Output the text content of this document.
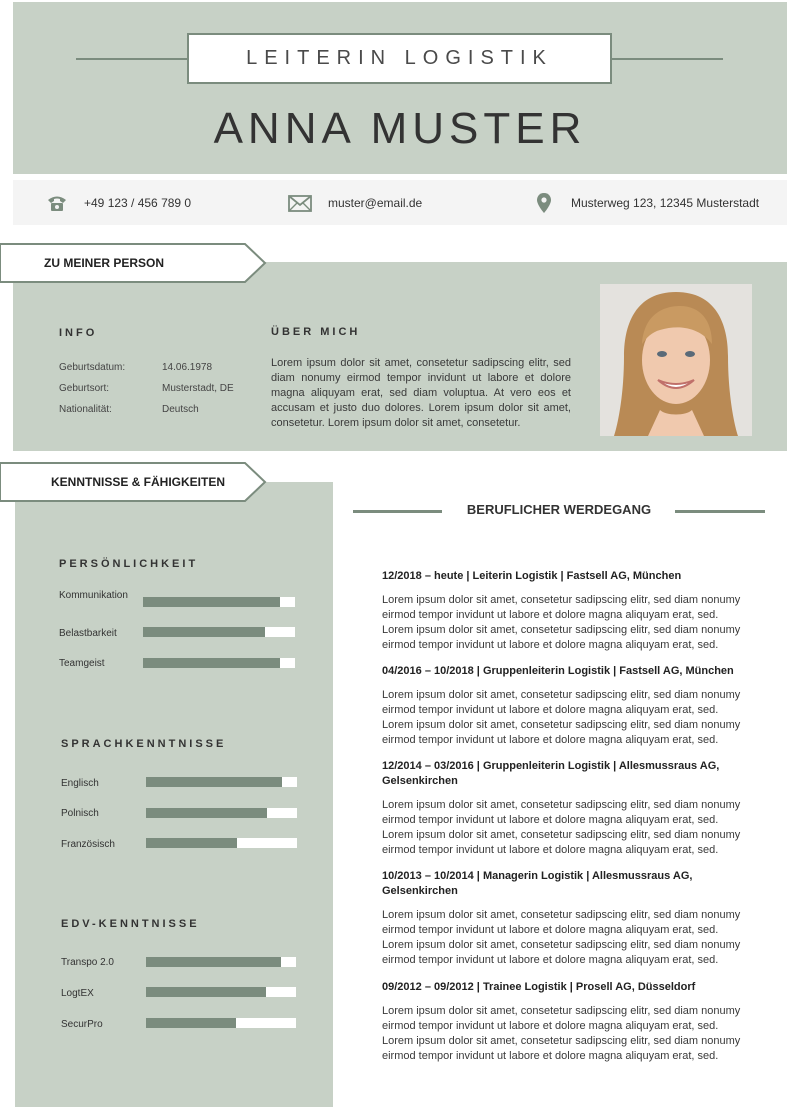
LEITERIN LOGISTIK
ANNA MUSTER
+49 123 / 456 789 0	muster@email.de	Musterweg 123, 12345 Musterstadt
INFO
Geburtsdatum:	14.06.1978
Geburtsort:	Musterstadt, DE
Nationalität:	Deutsch
ÜBER MICH
Lorem ipsum dolor sit amet, consetetur sadipscing elitr, sed diam nonumy eirmod tempor invidunt ut labore et dolore magna aliquyam erat, sed diam voluptua. At vero eos et accusam et justo duo dolores. Lorem ipsum dolor sit amet, consetetur. Lorem ipsum dolor sit amet, consetetur.
ZU MEINER PERSON
PERSÖNLICHKEIT
Kommunikation
Belastbarkeit
Teamgeist
SPRACHKENNTNISSE
Englisch
Polnisch
Französisch
EDV-KENNTNISSE
Transpo 2.0
LogtEX
SecurPro
KENNTNISSE & FÄHIGKEITEN
BERUFLICHER WERDEGANG
12/2018 – heute | Leiterin Logistik | Fastsell AG, München
Lorem ipsum dolor sit amet, consetetur sadipscing elitr, sed diam nonumy eirmod tempor invidunt ut labore et dolore magna aliquyam erat, sed. Lorem ipsum dolor sit amet, consetetur sadipscing elitr, sed diam nonumy eirmod tempor invidunt ut labore et dolore magna aliquyam erat, sed.
04/2016 – 10/2018 | Gruppenleiterin Logistik | Fastsell AG, München
Lorem ipsum dolor sit amet, consetetur sadipscing elitr, sed diam nonumy eirmod tempor invidunt ut labore et dolore magna aliquyam erat, sed. Lorem ipsum dolor sit amet, consetetur sadipscing elitr, sed diam nonumy eirmod tempor invidunt ut labore et dolore magna aliquyam erat, sed.
12/2014 – 03/2016 | Gruppenleiterin Logistik | Allesmussraus AG, Gelsenkirchen
Lorem ipsum dolor sit amet, consetetur sadipscing elitr, sed diam nonumy eirmod tempor invidunt ut labore et dolore magna aliquyam erat, sed. Lorem ipsum dolor sit amet, consetetur sadipscing elitr, sed diam nonumy eirmod tempor invidunt ut labore et dolore magna aliquyam erat, sed.
10/2013 – 10/2014 | Managerin Logistik | Allesmussraus AG, Gelsenkirchen
Lorem ipsum dolor sit amet, consetetur sadipscing elitr, sed diam nonumy eirmod tempor invidunt ut labore et dolore magna aliquyam erat, sed. Lorem ipsum dolor sit amet, consetetur sadipscing elitr, sed diam nonumy eirmod tempor invidunt ut labore et dolore magna aliquyam erat, sed.
09/2012 – 09/2012 | Trainee Logistik | Prosell AG, Düsseldorf
Lorem ipsum dolor sit amet, consetetur sadipscing elitr, sed diam nonumy eirmod tempor invidunt ut labore et dolore magna aliquyam erat, sed. Lorem ipsum dolor sit amet, consetetur sadipscing elitr, sed diam nonumy eirmod tempor invidunt ut labore et dolore magna aliquyam erat, sed.
